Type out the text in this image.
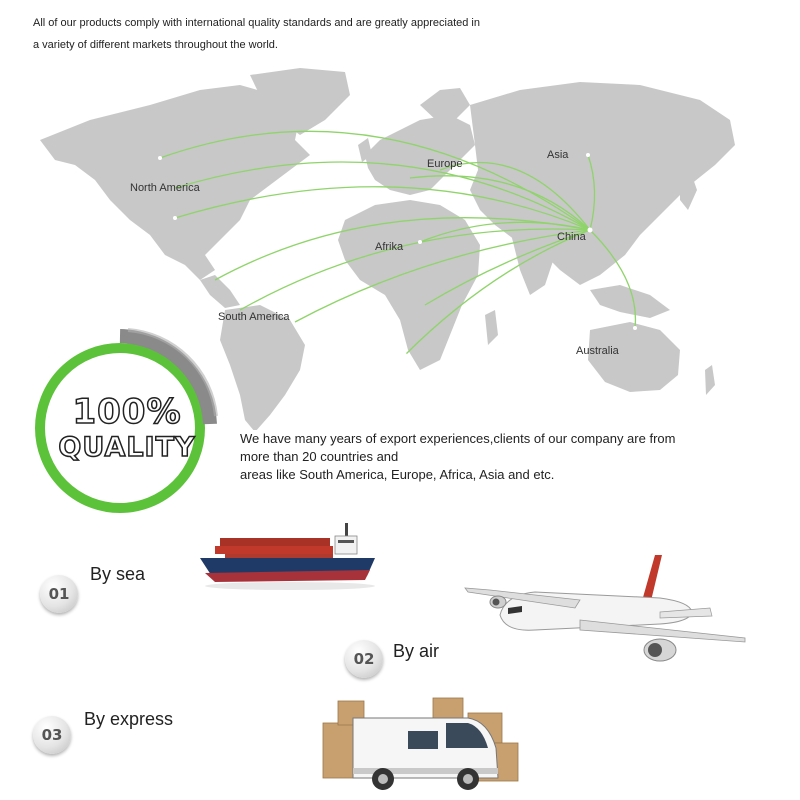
All of our products comply with international quality standards and are greatly appreciated in
a variety of different markets throughout the world.
North America
Europe
Asia
Afrika
China
South America
Australia
100%
QUALITY	We have many years of export experiences,clients of our company are from
more than 20 countries and
areas like South America, Europe, Africa, Asia and etc.
01
By sea
02	By air
03
By express
